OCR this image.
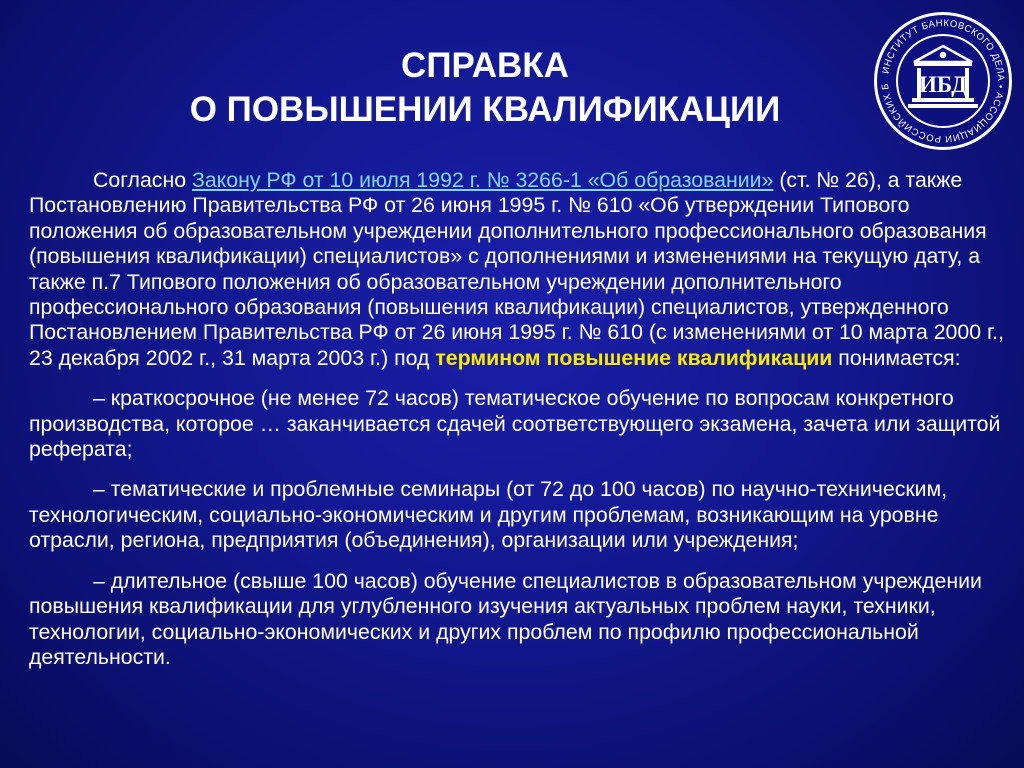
СПРАВКА
О ПОВЫШЕНИИ КВАЛИФИКАЦИИ
ИНСТИТУТ БАНКОВСКОГО ДЕЛА • АССОЦИАЦИИ РОССИЙСКИХ Б	ИБД

Согласно Закону РФ от 10 июля 1992 г. № 3266-1 «Об образовании» (ст. № 26), а также Постановлению Правительства РФ от 26 июня 1995 г. № 610 «Об утверждении Типового положения об образовательном учреждении дополнительного профессионального образования (повышения квалификации) специалистов» с дополнениями и изменениями на текущую дату, а также п.7 Типового положения об образовательном учреждении дополнительного профессионального образования (повышения квалификации) специалистов, утвержденного Постановлением Правительства РФ от 26 июня 1995 г. № 610 (с изменениями от 10 марта 2000 г., 23 декабря 2002 г., 31 марта 2003 г.) под термином повышение квалификации понимается:

– краткосрочное (не менее 72 часов) тематическое обучение по вопросам конкретного производства, которое … заканчивается сдачей соответствующего экзамена, зачета или защитой реферата;

– тематические и проблемные семинары (от 72 до 100 часов) по научно-техническим, технологическим, социально-экономическим и другим проблемам, возникающим на уровне отрасли, региона, предприятия (объединения), организации или учреждения;

– длительное (свыше 100 часов) обучение специалистов в образовательном учреждении повышения квалификации для углубленного изучения актуальных проблем науки, техники, технологии, социально-экономических и других проблем по профилю профессиональной деятельности.
